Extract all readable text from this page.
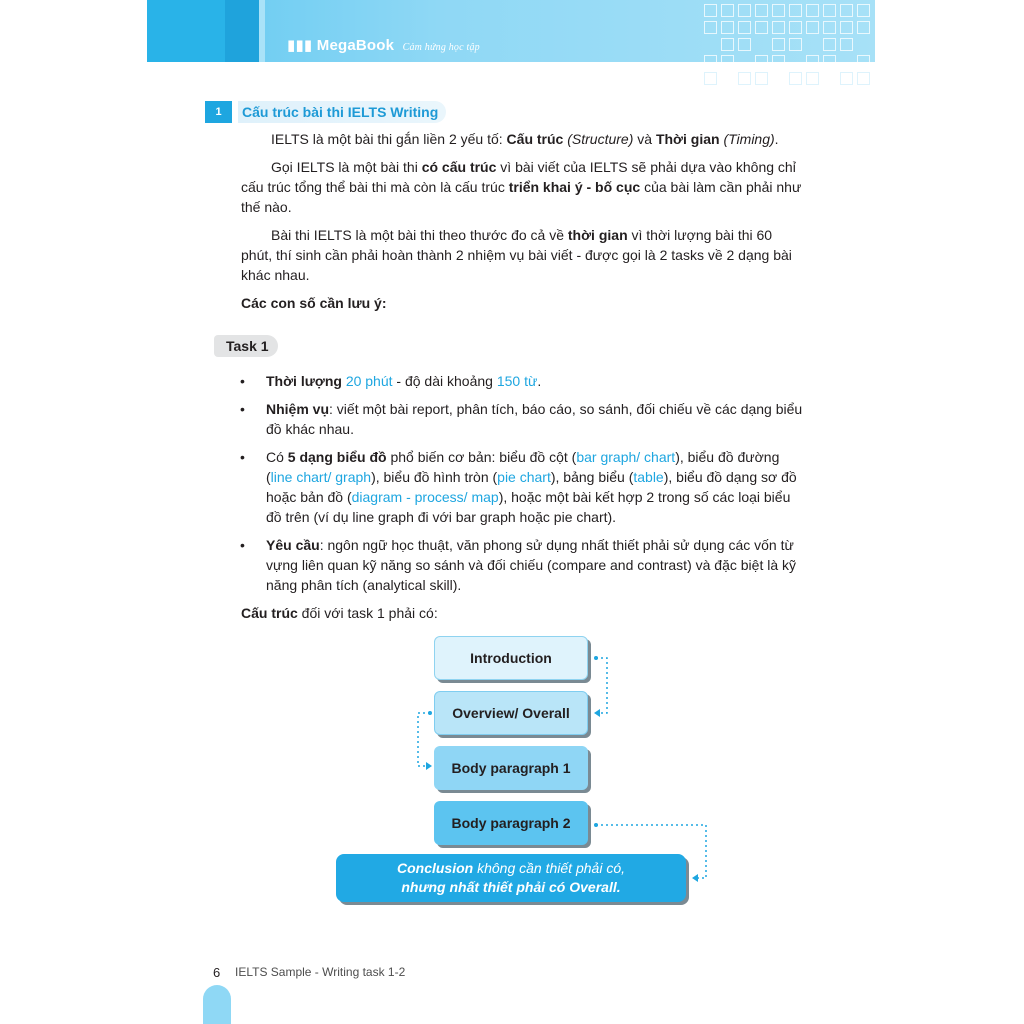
▮▮▮ MegaBook Cảm hứng học tập
1	Cấu trúc bài thi IELTS Writing

IELTS là một bài thi gắn liền 2 yếu tố: Cấu trúc (Structure) và Thời gian (Timing).

Gọi IELTS là một bài thi có cấu trúc vì bài viết của IELTS sẽ phải dựa vào không chỉ cấu trúc tổng thể bài thi mà còn là cấu trúc triển khai ý - bố cục của bài làm cần phải như thế nào.

Bài thi IELTS là một bài thi theo thước đo cả về thời gian vì thời lượng bài thi 60 phút, thí sinh cần phải hoàn thành 2 nhiệm vụ bài viết - được gọi là 2 tasks về 2 dạng bài khác nhau.

Các con số cần lưu ý:

Task 1
• Thời lượng 20 phút - độ dài khoảng 150 từ.

• Nhiệm vụ: viết một bài report, phân tích, báo cáo, so sánh, đối chiếu về các dạng biểu đồ khác nhau.

• Có 5 dạng biểu đồ phổ biến cơ bản: biểu đồ cột (bar graph/ chart), biểu đồ đường (line chart/ graph), biểu đồ hình tròn (pie chart), bảng biểu (table), biểu đồ dạng sơ đồ hoặc bản đồ (diagram - process/ map), hoặc một bài kết hợp 2 trong số các loại biểu đồ trên (ví dụ line graph đi với bar graph hoặc pie chart).

• Yêu cầu: ngôn ngữ học thuật, văn phong sử dụng nhất thiết phải sử dụng các vốn từ vựng liên quan kỹ năng so sánh và đối chiếu (compare and contrast) và đặc biệt là kỹ năng phân tích (analytical skill).

Cấu trúc đối với task 1 phải có:

Introduction
Overview/ Overall
Body paragraph 1
Body paragraph 2
Conclusion không cần thiết phải có,
nhưng nhất thiết phải có Overall.
6 IELTS Sample - Writing task 1-2
